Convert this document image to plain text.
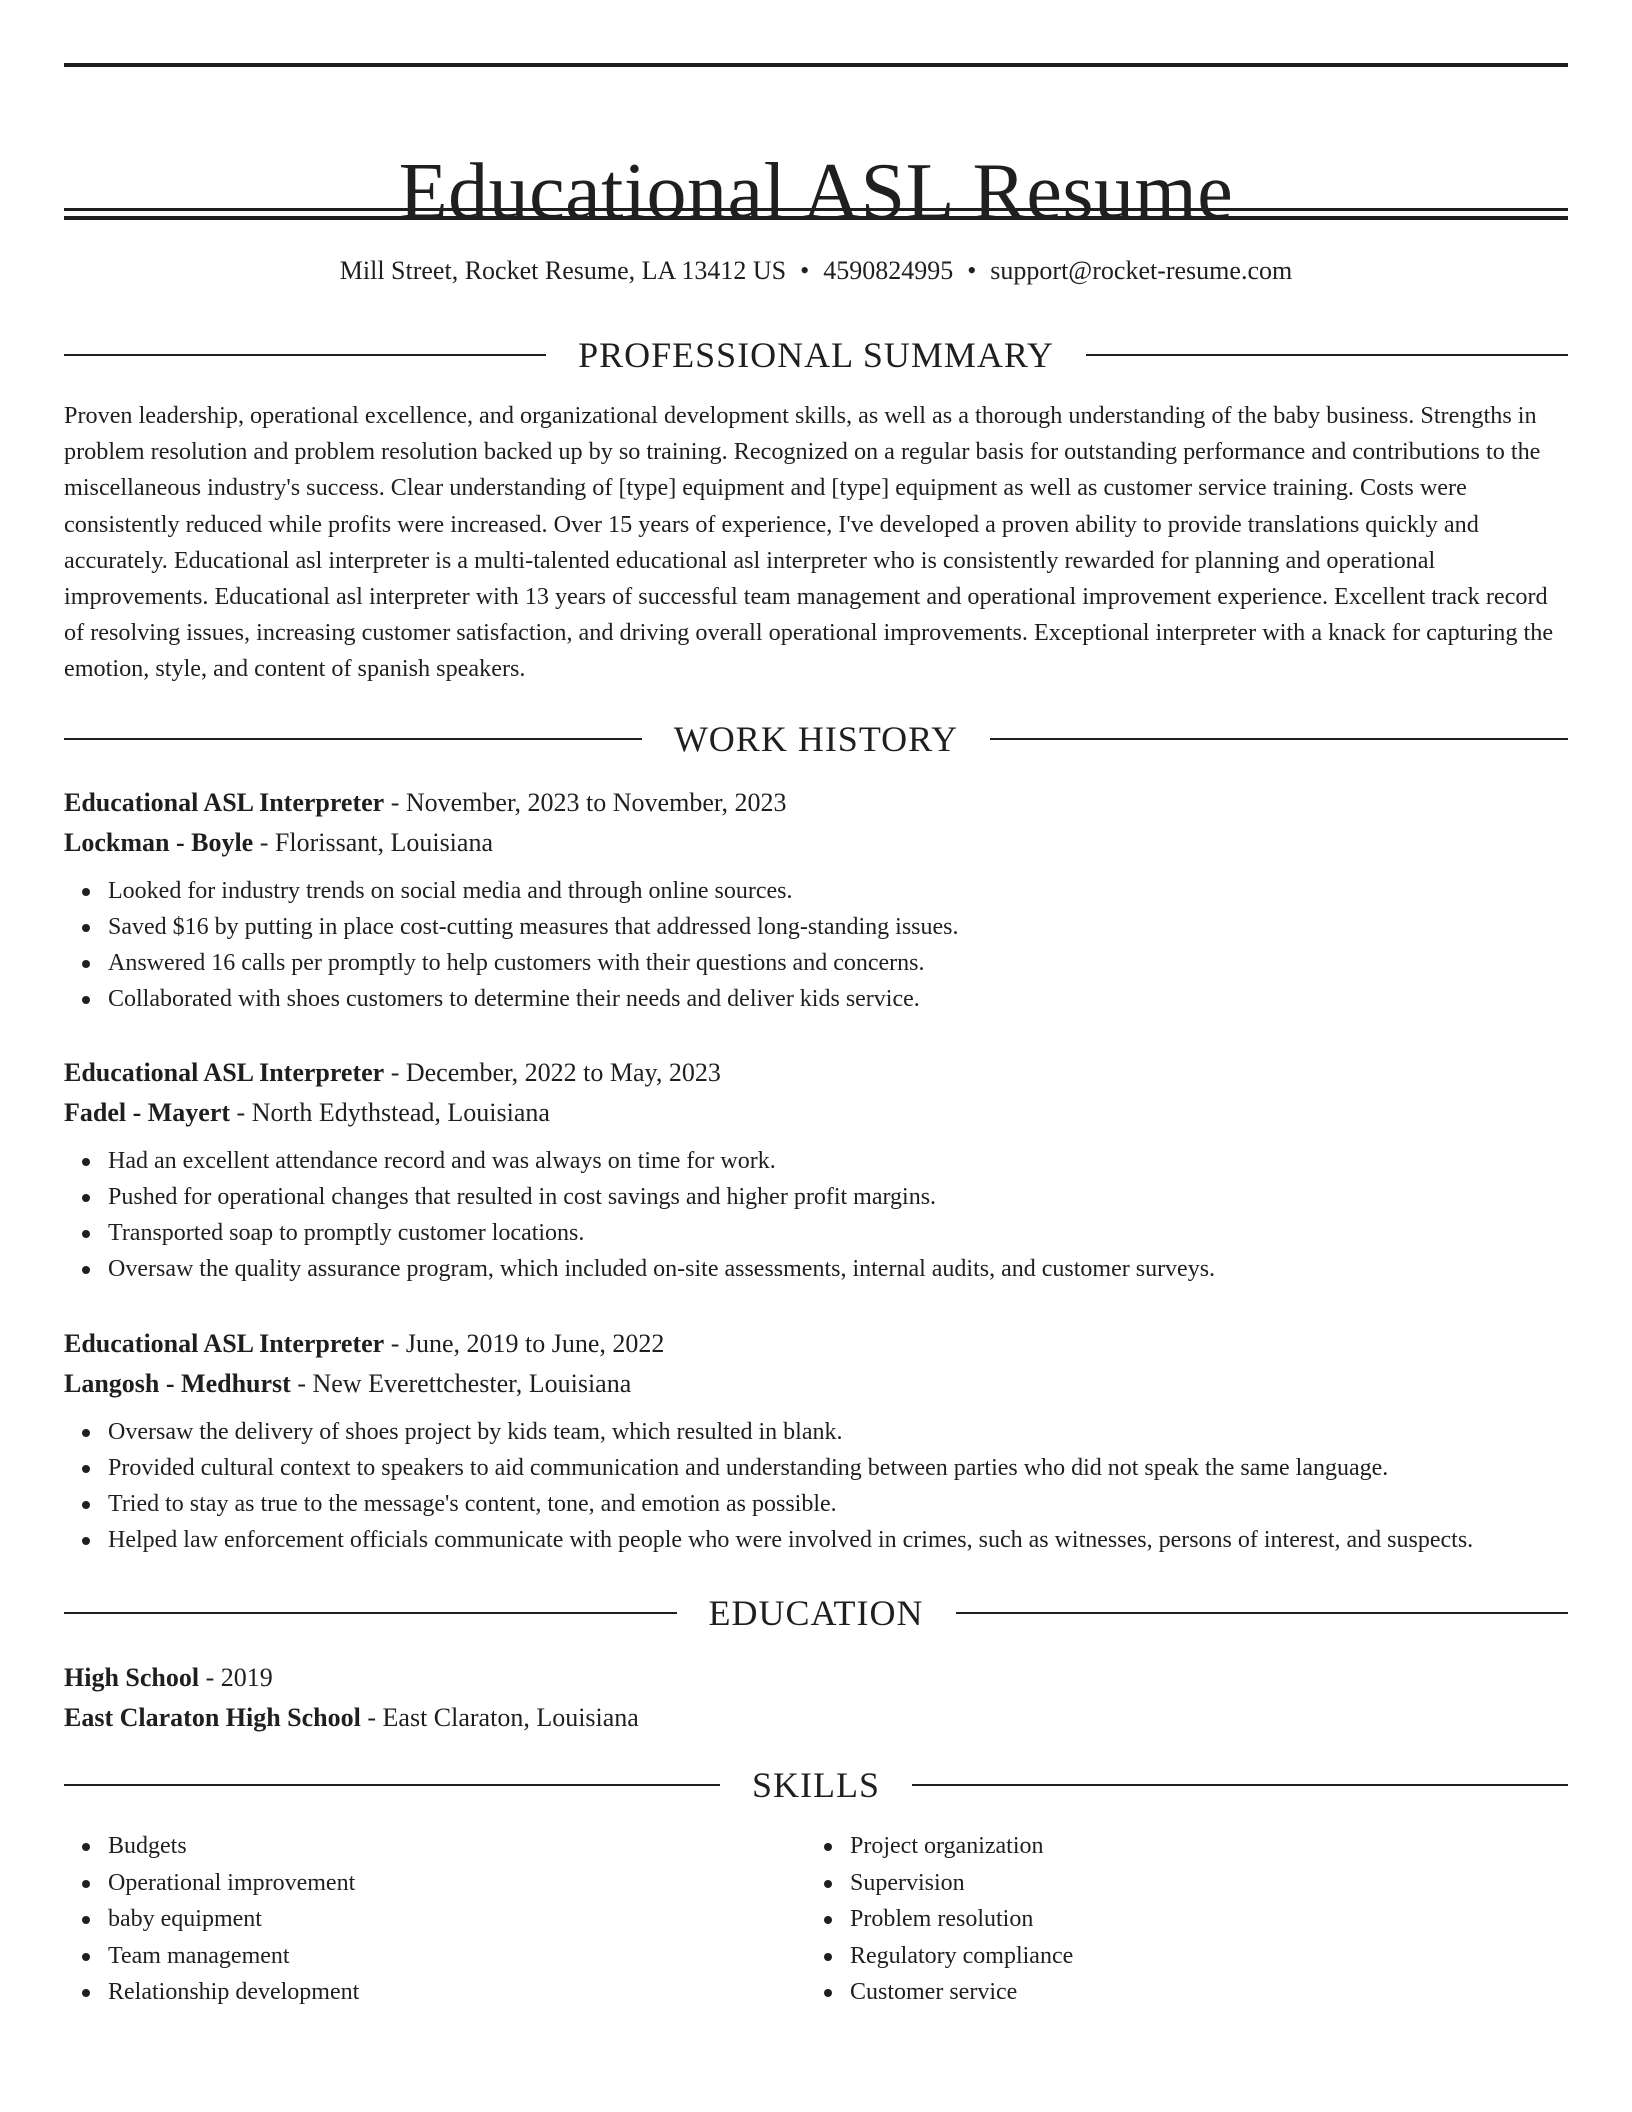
Educational ASL Resume
Mill Street, Rocket Resume, LA 13412 US • 4590824995 • support@rocket-resume.com
PROFESSIONAL SUMMARY

Proven leadership, operational excellence, and organizational development skills, as well as a thorough understanding of the baby business. Strengths in problem resolution and problem resolution backed up by so training. Recognized on a regular basis for outstanding performance and contributions to the miscellaneous industry's success. Clear understanding of [type] equipment and [type] equipment as well as customer service training. Costs were consistently reduced while profits were increased. Over 15 years of experience, I've developed a proven ability to provide translations quickly and accurately. Educational asl interpreter is a multi-talented educational asl interpreter who is consistently rewarded for planning and operational improvements. Educational asl interpreter with 13 years of successful team management and operational improvement experience. Excellent track record of resolving issues, increasing customer satisfaction, and driving overall operational improvements. Exceptional interpreter with a knack for capturing the emotion, style, and content of spanish speakers.

WORK HISTORY
Educational ASL Interpreter - November, 2023 to November, 2023
Lockman - Boyle - Florissant, Louisiana
Looked for industry trends on social media and through online sources.
Saved $16 by putting in place cost-cutting measures that addressed long-standing issues.
Answered 16 calls per promptly to help customers with their questions and concerns.
Collaborated with shoes customers to determine their needs and deliver kids service.
Educational ASL Interpreter - December, 2022 to May, 2023
Fadel - Mayert - North Edythstead, Louisiana
Had an excellent attendance record and was always on time for work.
Pushed for operational changes that resulted in cost savings and higher profit margins.
Transported soap to promptly customer locations.
Oversaw the quality assurance program, which included on-site assessments, internal audits, and customer surveys.
Educational ASL Interpreter - June, 2019 to June, 2022
Langosh - Medhurst - New Everettchester, Louisiana
Oversaw the delivery of shoes project by kids team, which resulted in blank.
Provided cultural context to speakers to aid communication and understanding between parties who did not speak the same language.
Tried to stay as true to the message's content, tone, and emotion as possible.
Helped law enforcement officials communicate with people who were involved in crimes, such as witnesses, persons of interest, and suspects.
EDUCATION
High School - 2019
East Claraton High School - East Claraton, Louisiana
SKILLS
Budgets
Operational improvement
baby equipment
Team management
Relationship development
Project organization
Supervision
Problem resolution
Regulatory compliance
Customer service
